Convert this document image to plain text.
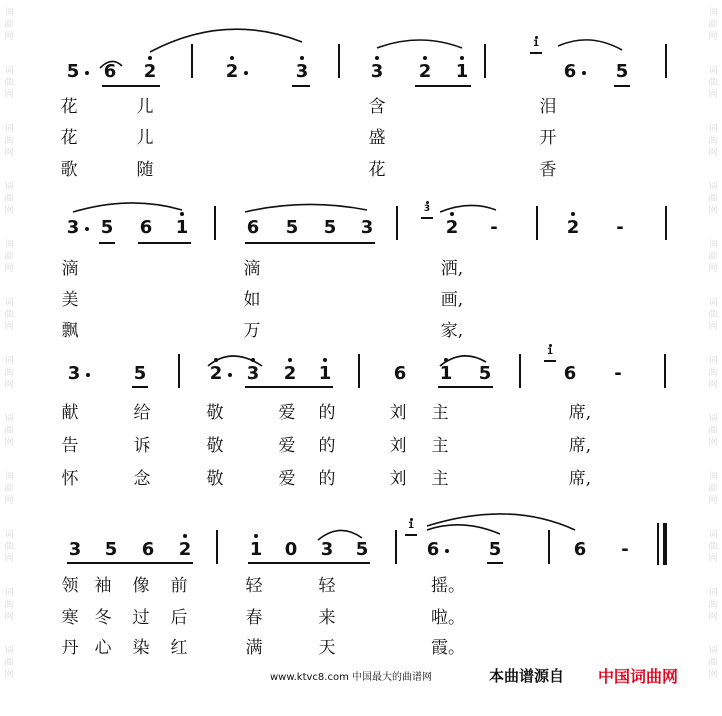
词
曲
网
词
曲
网
词
曲
网
词
曲
网
词
曲
网
词
曲
网
词
曲
网
词
曲
网
词
曲
网
词
曲
网
词
曲
网
词
曲
网
词
曲
网
词
曲
网
词
曲
网
词
曲
网
词
曲
网
词
曲
网
词
曲
网
词
曲
网
词
曲
网
词
曲
网
词
曲
网
词
曲
网
5 6 2	2	3	3 2 1	6 5
花	儿	含	泪
花	儿	盛	开
歌	随	花	香
3 5 6 1	6 5 5 3	2 -	2 -
滴	滴	洒,
美	如	画,
飘	万	家,
3	5	2 3 2 1	6 1 5	6 -
献	给	敬	爱 的	刘 主	席,
告	诉	敬	爱 的	刘 主	席,
怀	念	敬	爱 的	刘 主	席,
3 5 6 2	1 0 3 5	6	5	6 -
领 袖 像 前	轻	轻	摇。
寒 冬 过 后	春	来	啦。
丹 心 染 红	满	天	霞。
1
3
1
1
www.ktvc8.com 中国最大的曲谱网	本曲谱源自 中国词曲网
